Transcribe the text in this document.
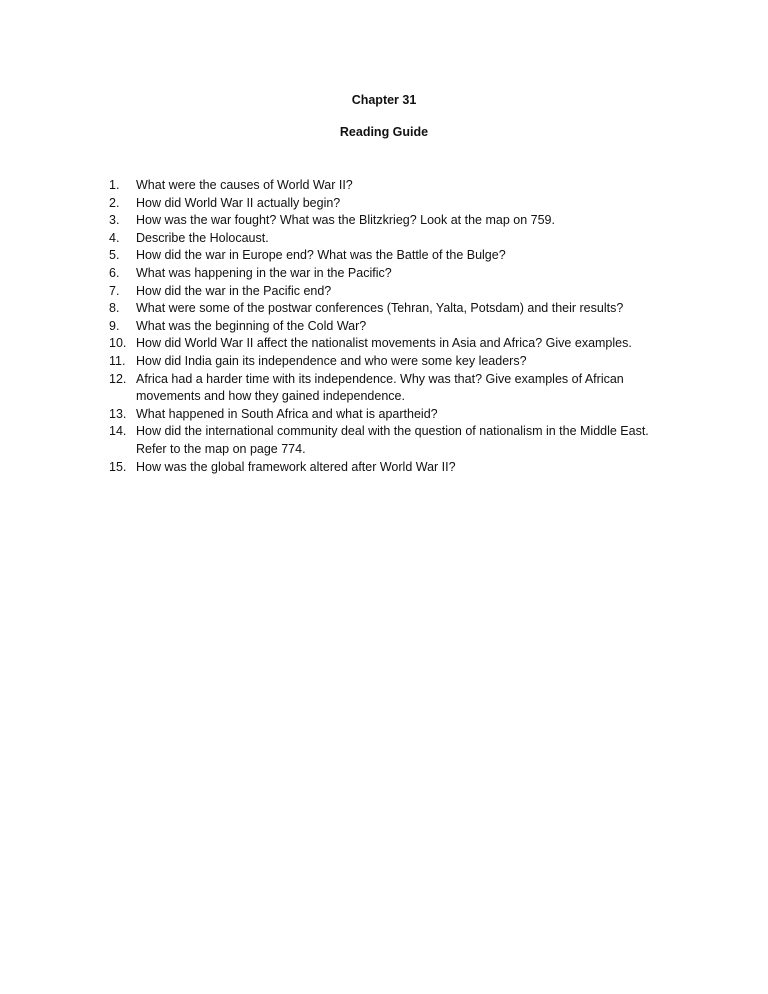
Chapter 31
Reading Guide
1. What were the causes of World War II?
2. How did World War II actually begin?
3. How was the war fought? What was the Blitzkrieg? Look at the map on 759.
4. Describe the Holocaust.
5. How did the war in Europe end? What was the Battle of the Bulge?
6. What was happening in the war in the Pacific?
7. How did the war in the Pacific end?
8. What were some of the postwar conferences (Tehran, Yalta, Potsdam) and their results?
9. What was the beginning of the Cold War?
10. How did World War II affect the nationalist movements in Asia and Africa? Give examples.
11. How did India gain its independence and who were some key leaders?
12. Africa had a harder time with its independence. Why was that? Give examples of African movements and how they gained independence.
13. What happened in South Africa and what is apartheid?
14. How did the international community deal with the question of nationalism in the Middle East. Refer to the map on page 774.
15. How was the global framework altered after World War II?
